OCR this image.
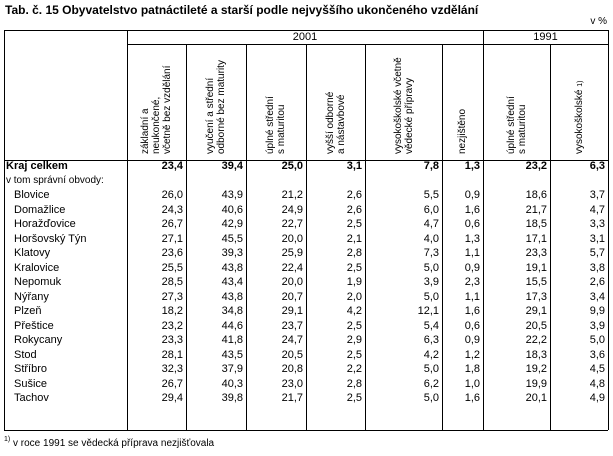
Tab. č. 15 Obyvatelstvo patnáctileté a starší podle nejvyššího ukončeného vzdělání
v %
2001	1991
základní a neukončené, včetně bez vzdělání	vyučení a střední odborné bez maturity	úplné střední s maturitou	vyšší odborné a nástavbové	vysokoškolské včetně vědecké přípravy	nezjištěno	úplné střední s maturitou	vysokoškolské 1)
Kraj celkem	23,4	39,4	25,0	3,1	7,8	1,3	23,2	6,3
v tom správní obvody:
Blovice	26,0	43,9	21,2	2,6	5,5	0,9	18,6	3,7
Domažlice	24,3	40,6	24,9	2,6	6,0	1,6	21,7	4,7
Horažďovice	26,7	42,9	22,7	2,5	4,7	0,6	18,5	3,3
Horšovský Týn	27,1	45,5	20,0	2,1	4,0	1,3	17,1	3,1
Klatovy	23,6	39,3	25,9	2,8	7,3	1,1	23,3	5,7
Kralovice	25,5	43,8	22,4	2,5	5,0	0,9	19,1	3,8
Nepomuk	28,5	43,4	20,0	1,9	3,9	2,3	15,5	2,6
Nýřany	27,3	43,8	20,7	2,0	5,0	1,1	17,3	3,4
Plzeň	18,2	34,8	29,1	4,2	12,1	1,6	29,1	9,9
Přeštice	23,2	44,6	23,7	2,5	5,4	0,6	20,5	3,9
Rokycany	23,3	41,8	24,7	2,9	6,3	0,9	22,2	5,0
Stod	28,1	43,5	20,5	2,5	4,2	1,2	18,3	3,6
Stříbro	32,3	37,9	20,8	2,2	5,0	1,8	19,2	4,5
Sušice	26,7	40,3	23,0	2,8	6,2	1,0	19,9	4,8
Tachov	29,4	39,8	21,7	2,5	5,0	1,6	20,1	4,9
$^{1)}$ v roce 1991 se vědecká příprava nezjišťovala
